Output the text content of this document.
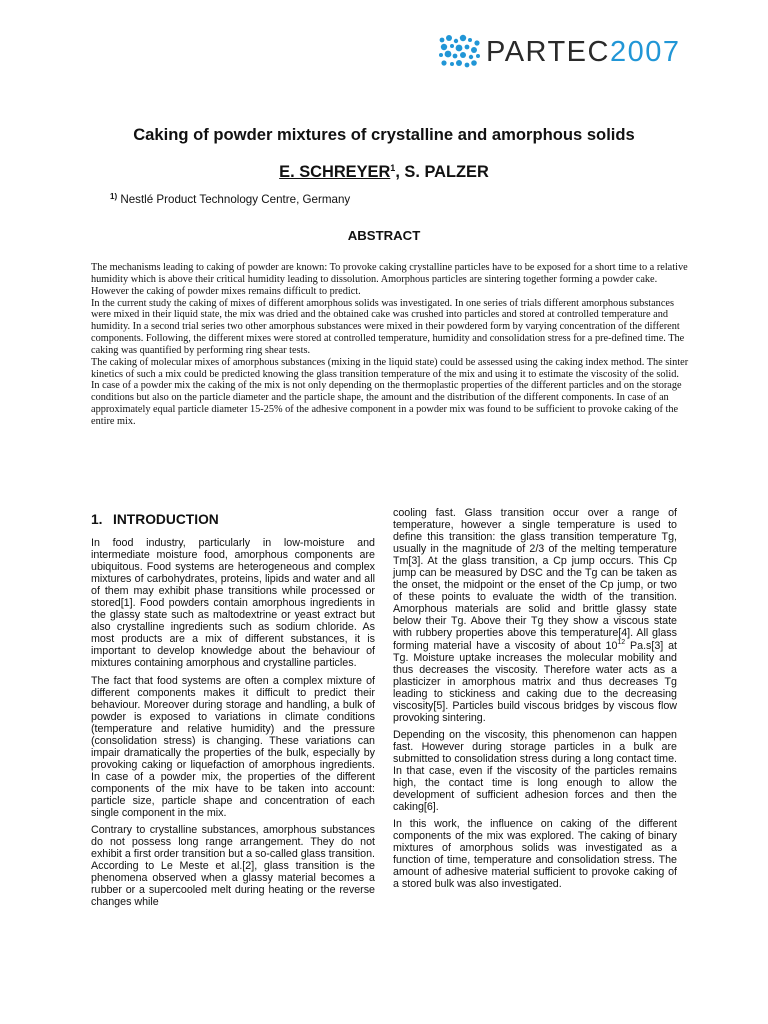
PARTEC2007
Caking of powder mixtures of crystalline and amorphous solids
E. SCHREYER$^1$, S. PALZER
$^{1)}$ Nestlé Product Technology Centre, Germany
ABSTRACT

The mechanisms leading to caking of powder are known: To provoke caking crystalline particles have to be exposed for a short time to a relative humidity which is above their critical humidity leading to dissolution. Amorphous particles are sintering together forming a powder cake. However the caking of powder mixes remains difficult to predict.

In the current study the caking of mixes of different amorphous solids was investigated. In one series of trials different amorphous substances were mixed in their liquid state, the mix was dried and the obtained cake was crushed into particles and stored at controlled temperature and humidity. In a second trial series two other amorphous substances were mixed in their powdered form by varying concentration of the different components. Following, the different mixes were stored at controlled temperature, humidity and consolidation stress for a pre-defined time. The caking was quantified by performing ring shear tests.

The caking of molecular mixes of amorphous substances (mixing in the liquid state) could be assessed using the caking index method. The sinter kinetics of such a mix could be predicted knowing the glass transition temperature of the mix and using it to estimate the viscosity of the solid.

In case of a powder mix the caking of the mix is not only depending on the thermoplastic properties of the different particles and on the storage conditions but also on the particle diameter and the particle shape, the amount and the distribution of the different components. In case of an approximately equal particle diameter 15-25% of the adhesive component in a powder mix was found to be sufficient to provoke caking of the entire mix.

1. INTRODUCTION

In food industry, particularly in low-moisture and intermediate moisture food, amorphous components are ubiquitous. Food systems are heterogeneous and complex mixtures of carbohydrates, proteins, lipids and water and all of them may exhibit phase transitions while processed or stored[1]. Food powders contain amorphous ingredients in the glassy state such as maltodextrine or yeast extract but also crystalline ingredients such as sodium chloride. As most products are a mix of different substances, it is important to develop knowledge about the behaviour of mixtures containing amorphous and crystalline particles.

The fact that food systems are often a complex mixture of different components makes it difficult to predict their behaviour. Moreover during storage and handling, a bulk of powder is exposed to variations in climate conditions (temperature and relative humidity) and the pressure (consolidation stress) is changing. These variations can impair dramatically the properties of the bulk, especially by provoking caking or liquefaction of amorphous ingredients. In case of a powder mix, the properties of the different components of the mix have to be taken into account: particle size, particle shape and concentration of each single component in the mix.

Contrary to crystalline substances, amorphous substances do not possess long range arrangement. They do not exhibit a first order transition but a so-called glass transition. According to Le Meste et al.[2], glass transition is the phenomena observed when a glassy material becomes a rubber or a supercooled melt during heating or the reverse changes while

cooling fast. Glass transition occur over a range of temperature, however a single temperature is used to define this transition: the glass transition temperature Tg, usually in the magnitude of 2/3 of the melting temperature Tm[3]. At the glass transition, a Cp jump occurs. This Cp jump can be measured by DSC and the Tg can be taken as the onset, the midpoint or the enset of the Cp jump, or two of these points to evaluate the width of the transition. Amorphous materials are solid and brittle glassy state below their Tg. Above their Tg they show a viscous state with rubbery properties above this temperature[4]. All glass forming material have a viscosity of about $10^{12}$ Pa.s[3] at Tg. Moisture uptake increases the molecular mobility and thus decreases the viscosity. Therefore water acts as a plasticizer in amorphous matrix and thus decreases Tg leading to stickiness and caking due to the decreasing viscosity[5]. Particles build viscous bridges by viscous flow provoking sintering.

Depending on the viscosity, this phenomenon can happen fast. However during storage particles in a bulk are submitted to consolidation stress during a long contact time. In that case, even if the viscosity of the particles remains high, the contact time is long enough to allow the development of sufficient adhesion forces and then the caking[6].

In this work, the influence on caking of the different components of the mix was explored. The caking of binary mixtures of amorphous solids was investigated as a function of time, temperature and consolidation stress. The amount of adhesive material sufficient to provoke caking of a stored bulk was also investigated.
